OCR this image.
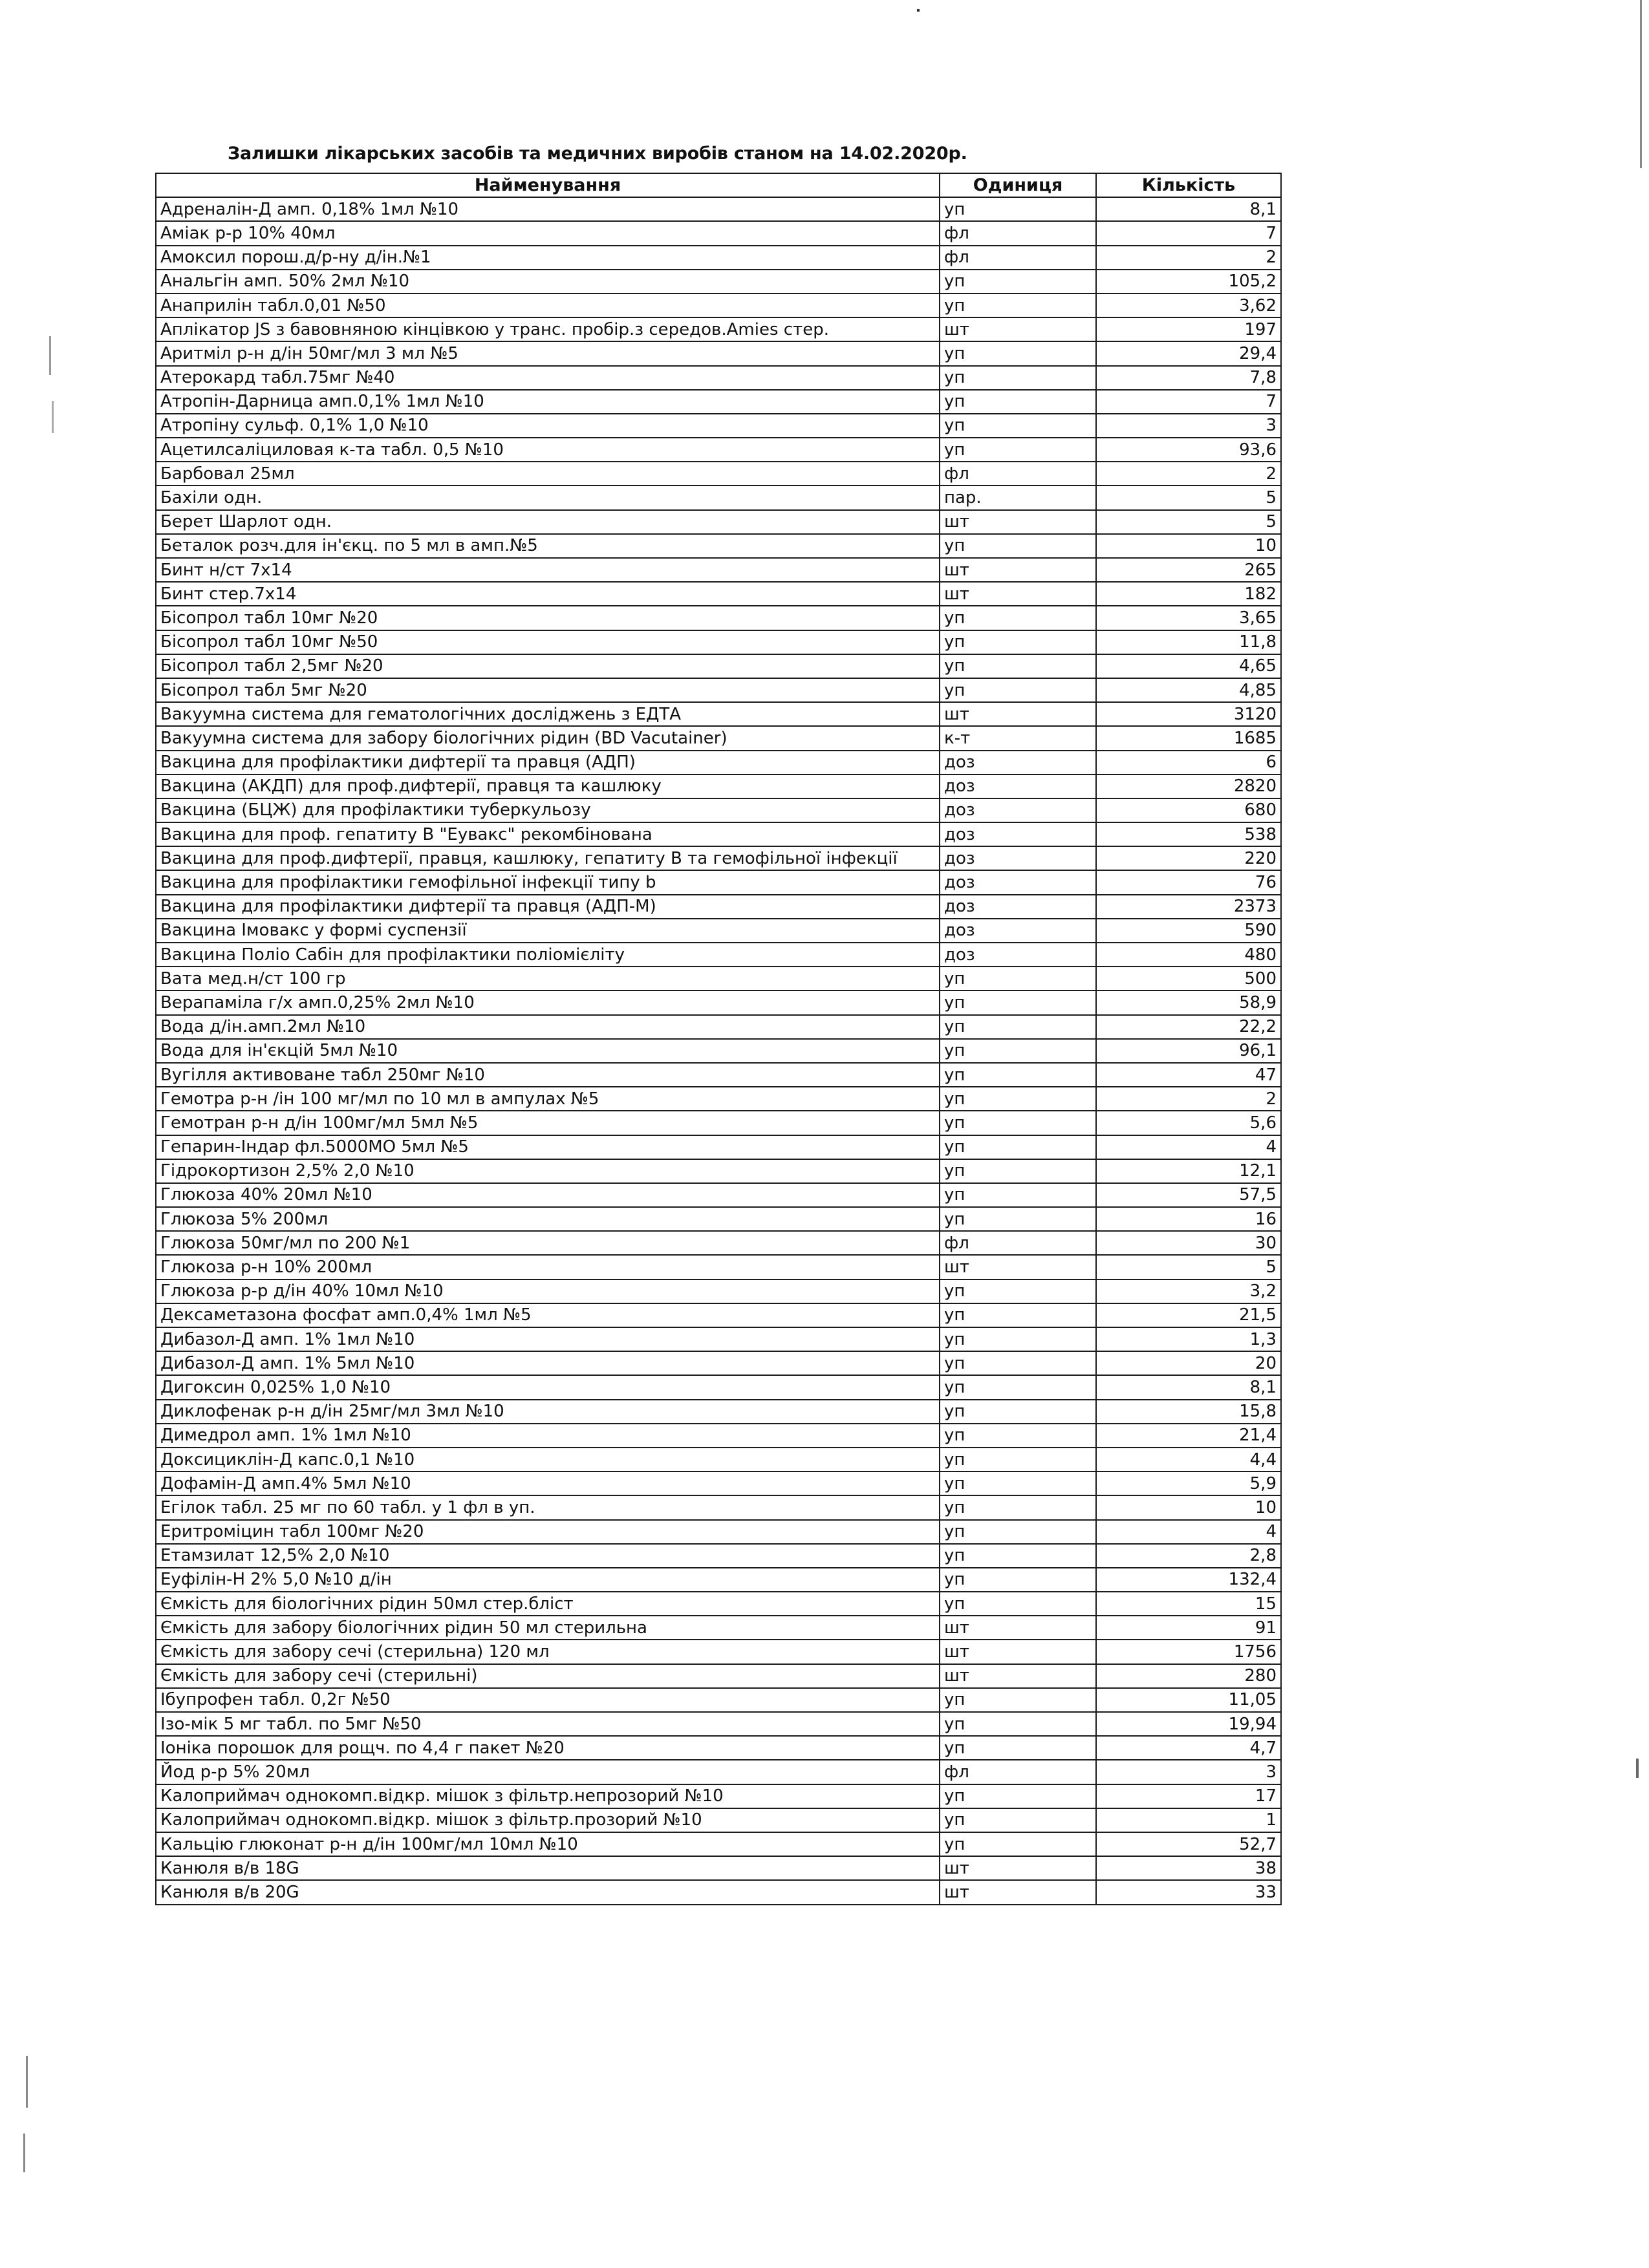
Залишки лікарських засобів та медичних виробів станом на 14.02.2020р.
Найменування	Одиниця	Кількість
Адреналін-Д амп. 0,18% 1мл №10	уп	8,1
Аміак р-р 10% 40мл	фл	7
Амоксил порош.д/р-ну д/ін.№1	фл	2
Анальгін амп. 50% 2мл №10	уп	105,2
Анаприлін табл.0,01 №50	уп	3,62
Аплікатор JS з бавовняною кінцівкою у транс. пробір.з середов.Amies стер.	шт	197
Аритміл р-н д/ін 50мг/мл 3 мл №5	уп	29,4
Атерокард табл.75мг №40	уп	7,8
Атропін-Дарница амп.0,1% 1мл №10	уп	7
Атропіну сульф. 0,1% 1,0 №10	уп	3
Ацетилсаліциловая к-та табл. 0,5 №10	уп	93,6
Барбовал 25мл	фл	2
Бахіли одн.	пар.	5
Берет Шарлот одн.	шт	5
Беталок розч.для ін'єкц. по 5 мл в амп.№5	уп	10
Бинт н/ст 7х14	шт	265
Бинт стер.7х14	шт	182
Бісопрол табл 10мг №20	уп	3,65
Бісопрол табл 10мг №50	уп	11,8
Бісопрол табл 2,5мг №20	уп	4,65
Бісопрол табл 5мг №20	уп	4,85
Вакуумна система для гематологічних досліджень з ЕДТА	шт	3120
Вакуумна система для забору біологічних рідин (BD Vacutainer)	к-т	1685
Вакцина для профілактики дифтерії та правця (АДП)	доз	6
Вакцина (АКДП) для проф.дифтерії, правця та кашлюку	доз	2820
Вакцина (БЦЖ) для профілактики туберкульозу	доз	680
Вакцина для проф. гепатиту В "Еувакс" рекомбінована	доз	538
Вакцина для проф.дифтерії, правця, кашлюку, гепатиту В та гемофільної інфекції	доз	220
Вакцина для профілактики гемофільної інфекції типу b	доз	76
Вакцина для профілактики дифтерії та правця (АДП-М)	доз	2373
Вакцина Імовакс у формі суспензії	доз	590
Вакцина Поліо Сабін для профілактики поліомієліту	доз	480
Вата мед.н/ст 100 гр	уп	500
Верапаміла г/х амп.0,25% 2мл №10	уп	58,9
Вода д/ін.амп.2мл №10	уп	22,2
Вода для ін'єкцій 5мл №10	уп	96,1
Вугілля активоване табл 250мг №10	уп	47
Гемотра р-н /ін 100 мг/мл по 10 мл в ампулах №5	уп	2
Гемотран р-н д/ін 100мг/мл 5мл №5	уп	5,6
Гепарин-Індар фл.5000МО 5мл №5	уп	4
Гідрокортизон 2,5% 2,0 №10	уп	12,1
Глюкоза 40% 20мл №10	уп	57,5
Глюкоза 5% 200мл	уп	16
Глюкоза 50мг/мл по 200 №1	фл	30
Глюкоза р-н 10% 200мл	шт	5
Глюкоза р-р д/ін 40% 10мл №10	уп	3,2
Дексаметазона фосфат амп.0,4% 1мл №5	уп	21,5
Дибазол-Д амп. 1% 1мл №10	уп	1,3
Дибазол-Д амп. 1% 5мл №10	уп	20
Дигоксин 0,025% 1,0 №10	уп	8,1
Диклофенак р-н д/ін 25мг/мл 3мл №10	уп	15,8
Димедрол амп. 1% 1мл №10	уп	21,4
Доксициклін-Д капс.0,1 №10	уп	4,4
Дофамін-Д амп.4% 5мл №10	уп	5,9
Егілок табл. 25 мг по 60 табл. у 1 фл в уп.	уп	10
Еритроміцин табл 100мг №20	уп	4
Етамзилат 12,5% 2,0 №10	уп	2,8
Еуфілін-Н 2% 5,0 №10 д/ін	уп	132,4
Ємкість для біологічних рідин 50мл стер.бліст	уп	15
Ємкість для забору біологічних рідин 50 мл стерильна	шт	91
Ємкість для забору сечі (стерильна) 120 мл	шт	1756
Ємкість для забору сечі (стерильні)	шт	280
Ібупрофен табл. 0,2г №50	уп	11,05
Ізо-мік 5 мг табл. по 5мг №50	уп	19,94
Іоніка порошок для рощч. по 4,4 г пакет №20	уп	4,7
Йод р-р 5% 20мл	фл	3
Калоприймач однокомп.відкр. мішок з фільтр.непрозорий №10	уп	17
Калоприймач однокомп.відкр. мішок з фільтр.прозорий №10	уп	1
Кальцію глюконат р-н д/ін 100мг/мл 10мл №10	уп	52,7
Канюля в/в 18G	шт	38
Канюля в/в 20G	шт	33
